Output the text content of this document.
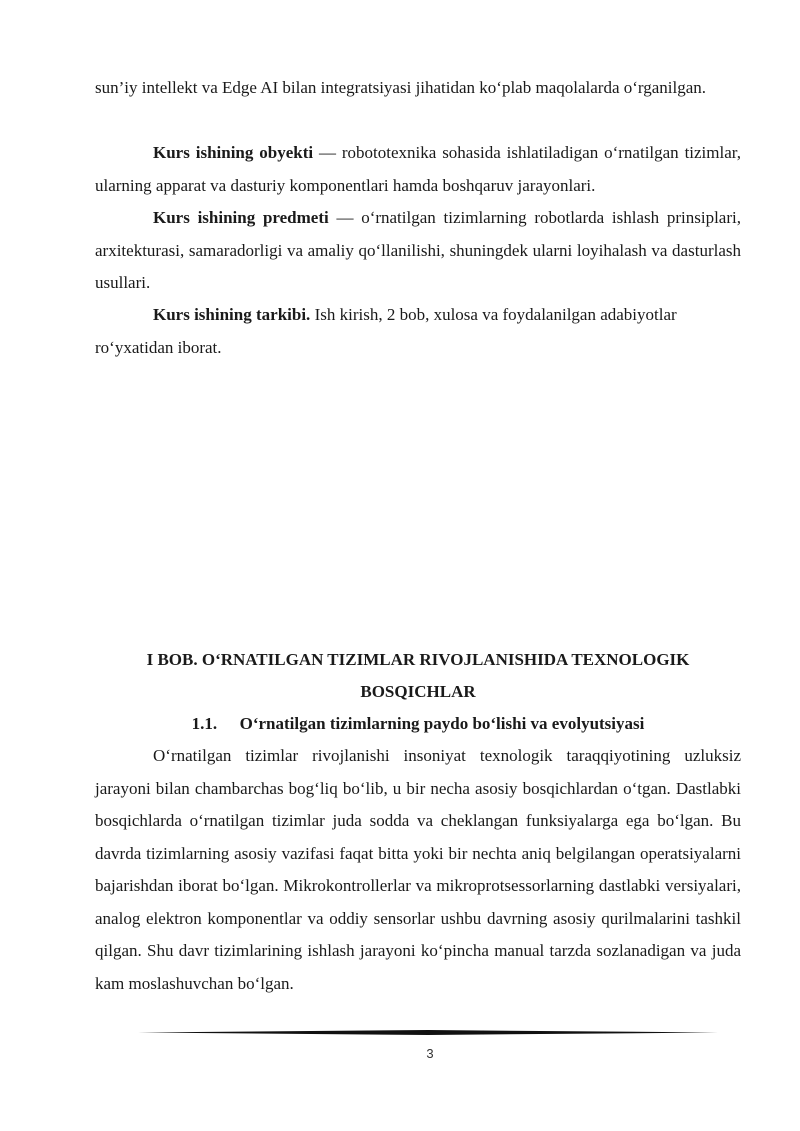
sun’iy intellekt va Edge AI bilan integratsiyasi jihatidan ko‘plab maqolalarda o‘rganilgan.

Kurs ishining obyekti — robototexnika sohasida ishlatiladigan o‘rnatilgan tizimlar, ularning apparat va dasturiy komponentlari hamda boshqaruv jarayonlari.

Kurs ishining predmeti — o‘rnatilgan tizimlarning robotlarda ishlash prinsiplari, arxitekturasi, samaradorligi va amaliy qo‘llanilishi, shuningdek ularni loyihalash va dasturlash usullari.

Kurs ishining tarkibi. Ish kirish, 2 bob, xulosa va foydalanilgan adabiyotlar ro‘yxatidan iborat.

I BOB. O‘RNATILGAN TIZIMLAR RIVOJLANISHIDA TEXNOLOGIK

BOSQICHLAR

1.1. O‘rnatilgan tizimlarning paydo bo‘lishi va evolyutsiyasi

O‘rnatilgan tizimlar rivojlanishi insoniyat texnologik taraqqiyotining uzluksiz jarayoni bilan chambarchas bog‘liq bo‘lib, u bir necha asosiy bosqichlardan o‘tgan. Dastlabki bosqichlarda o‘rnatilgan tizimlar juda sodda va cheklangan funksiyalarga ega bo‘lgan. Bu davrda tizimlarning asosiy vazifasi faqat bitta yoki bir nechta aniq belgilangan operatsiyalarni bajarishdan iborat bo‘lgan. Mikrokontrollerlar va mikroprotsessorlarning dastlabki versiyalari, analog elektron komponentlar va oddiy sensorlar ushbu davrning asosiy qurilmalarini tashkil qilgan. Shu davr tizimlarining ishlash jarayoni ko‘pincha manual tarzda sozlanadigan va juda kam moslashuvchan bo‘lgan.

3
